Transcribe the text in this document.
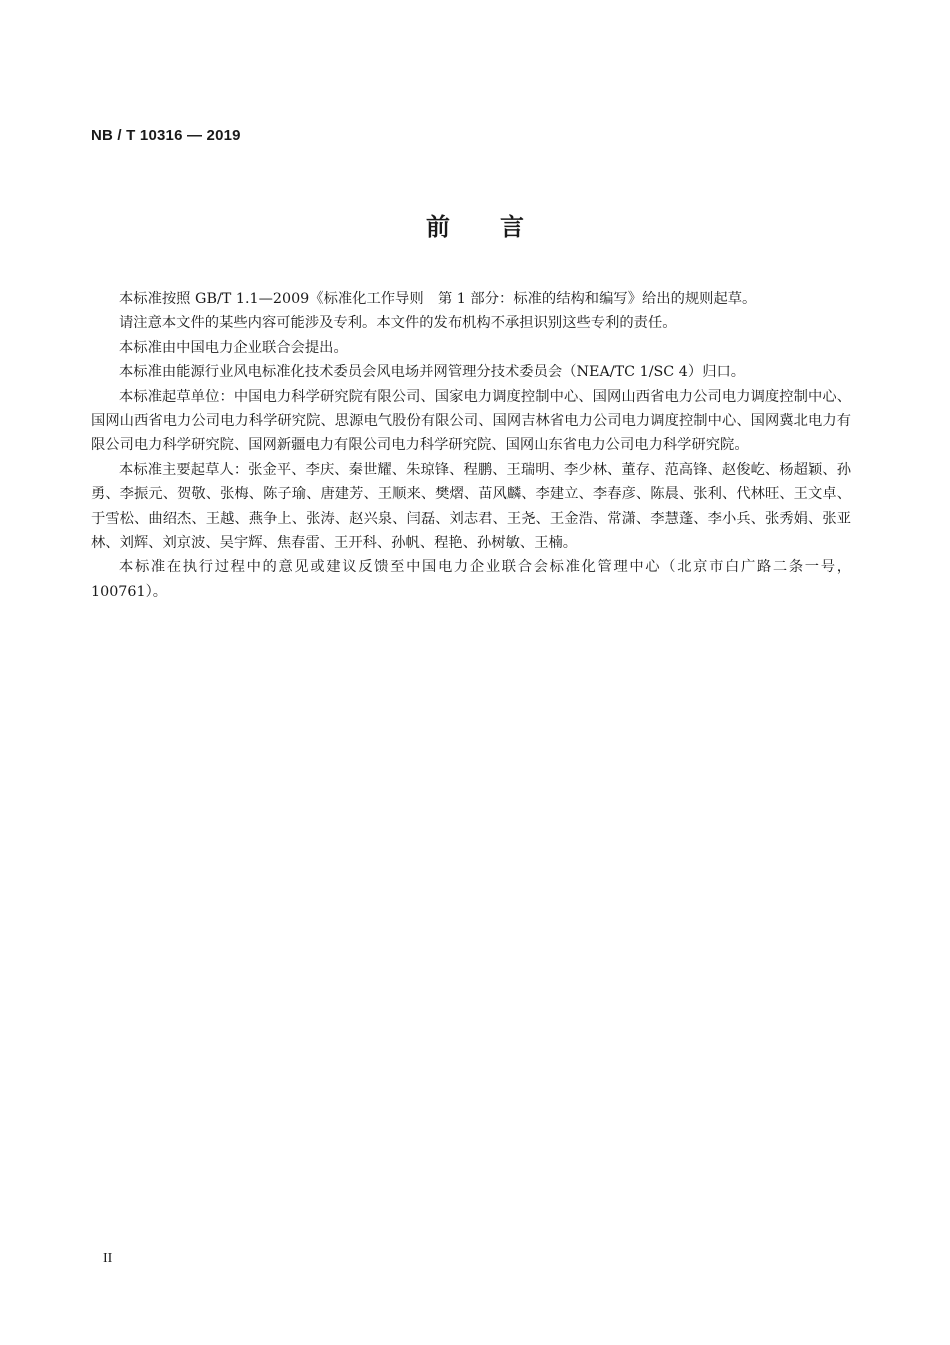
NB / T 10316 — 2019
前言

本标准按照 GB/T 1.1—2009《标准化工作导则　第 1 部分：标准的结构和编写》给出的规则起草。

请注意本文件的某些内容可能涉及专利。本文件的发布机构不承担识别这些专利的责任。

本标准由中国电力企业联合会提出。

本标准由能源行业风电标准化技术委员会风电场并网管理分技术委员会（NEA/TC 1/SC 4）归口。

本标准起草单位：中国电力科学研究院有限公司、国家电力调度控制中心、国网山西省电力公司电力调度控制中心、国网山西省电力公司电力科学研究院、思源电气股份有限公司、国网吉林省电力公司电力调度控制中心、国网冀北电力有限公司电力科学研究院、国网新疆电力有限公司电力科学研究院、国网山东省电力公司电力科学研究院。

本标准主要起草人：张金平、李庆、秦世耀、朱琼锋、程鹏、王瑞明、李少林、董存、范高锋、赵俊屹、杨超颖、孙勇、李振元、贺敬、张梅、陈子瑜、唐建芳、王顺来、樊熠、苗风麟、李建立、李春彦、陈晨、张利、代林旺、王文卓、于雪松、曲绍杰、王越、燕争上、张涛、赵兴泉、闫磊、刘志君、王尧、王金浩、常潇、李慧蓬、李小兵、张秀娟、张亚林、刘辉、刘京波、吴宇辉、焦春雷、王开科、孙帆、程艳、孙树敏、王楠。

本标准在执行过程中的意见或建议反馈至中国电力企业联合会标准化管理中心（北京市白广路二条一号，100761）。

II
